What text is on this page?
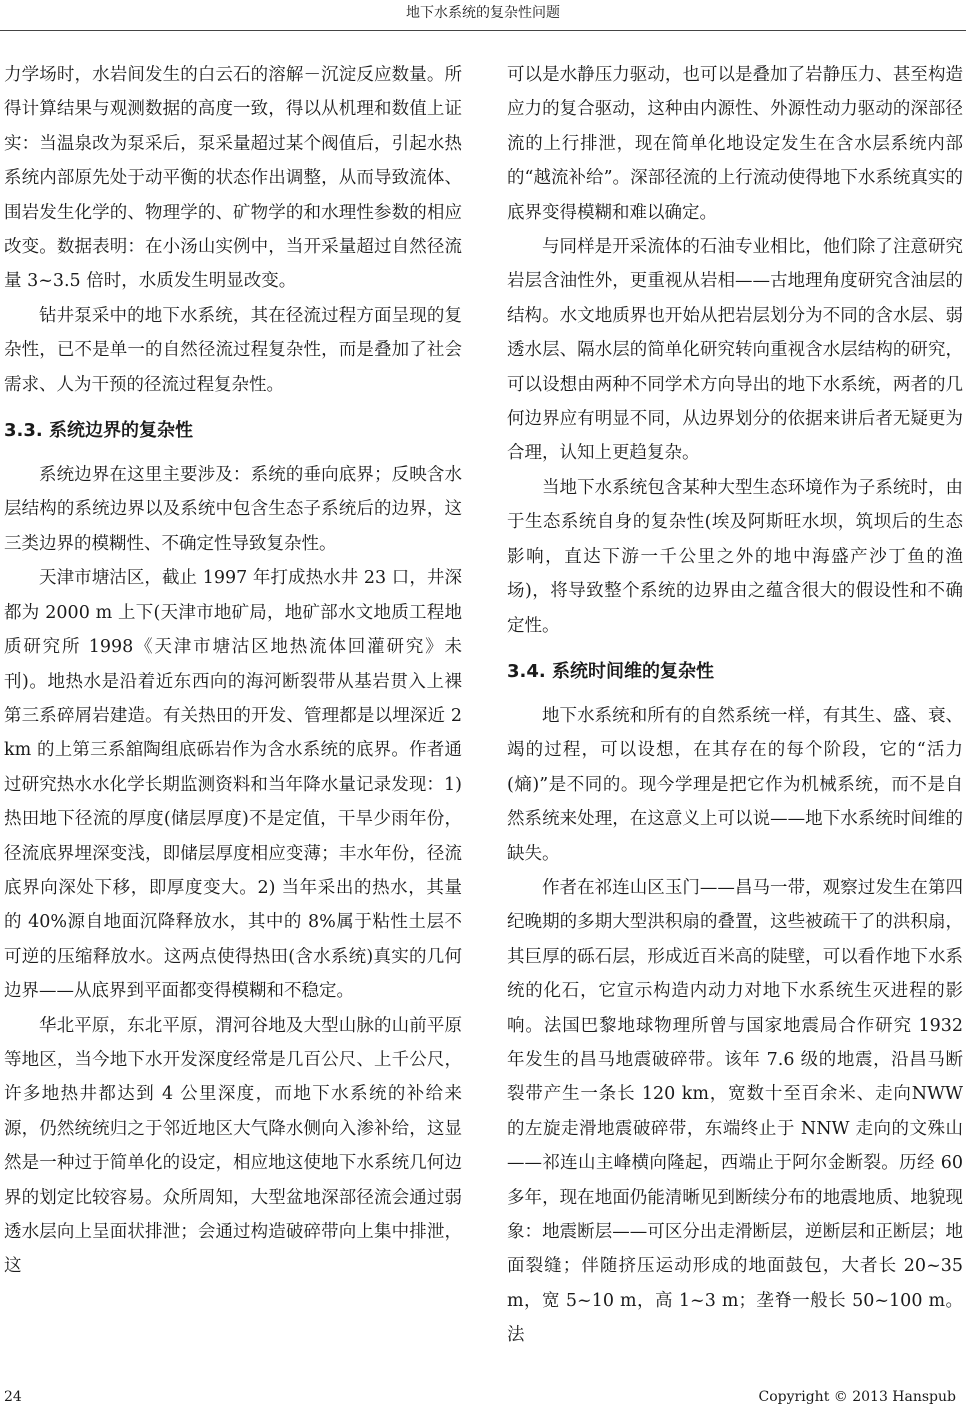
地下水系统的复杂性问题

力学场时，水岩间发生的白云石的溶解－沉淀反应数量。所得计算结果与观测数据的高度一致，得以从机理和数值上证实：当温泉改为泵采后，泵采量超过某个阀值后，引起水热系统内部原先处于动平衡的状态作出调整，从而导致流体、围岩发生化学的、物理学的、矿物学的和水理性参数的相应改变。数据表明：在小汤山实例中，当开采量超过自然径流量 3~3.5 倍时，水质发生明显改变。

钻井泵采中的地下水系统，其在径流过程方面呈现的复杂性，已不是单一的自然径流过程复杂性，而是叠加了社会需求、人为干预的径流过程复杂性。

3.3. 系统边界的复杂性

系统边界在这里主要涉及：系统的垂向底界；反映含水层结构的系统边界以及系统中包含生态子系统后的边界，这三类边界的模糊性、不确定性导致复杂性。

天津市塘沽区，截止 1997 年打成热水井 23 口，井深都为 2000 m 上下(天津市地矿局，地矿部水文地质工程地质研究所 1998《天津市塘沽区地热流体回灌研究》未刊)。地热水是沿着近东西向的海河断裂带从基岩贯入上裸第三系碎屑岩建造。有关热田的开发、管理都是以埋深近 2 km 的上第三系舘陶组底砾岩作为含水系统的底界。作者通过研究热水水化学长期监测资料和当年降水量记录发现：1) 热田地下径流的厚度(储层厚度)不是定值，干旱少雨年份，径流底界埋深变浅，即储层厚度相应变薄；丰水年份，径流底界向深处下移，即厚度变大。2) 当年采出的热水，其量的 40%源自地面沉降释放水，其中的 8%属于粘性土层不可逆的压缩释放水。这两点使得热田(含水系统)真实的几何边界——从底界到平面都变得模糊和不稳定。

华北平原，东北平原，渭河谷地及大型山脉的山前平原等地区，当今地下水开发深度经常是几百公尺、上千公尺，许多地热井都达到 4 公里深度，而地下水系统的补给来源，仍然统统归之于邻近地区大气降水侧向入渗补给，这显然是一种过于简单化的设定，相应地这使地下水系统几何边界的划定比较容易。众所周知，大型盆地深部径流会通过弱透水层向上呈面状排泄；会通过构造破碎带向上集中排泄，这

可以是水静压力驱动，也可以是叠加了岩静压力、甚至构造应力的复合驱动，这种由内源性、外源性动力驱动的深部径流的上行排泄，现在简单化地设定发生在含水层系统内部的“越流补给”。深部径流的上行流动使得地下水系统真实的底界变得模糊和难以确定。

与同样是开采流体的石油专业相比，他们除了注意研究岩层含油性外，更重视从岩相——古地理角度研究含油层的结构。水文地质界也开始从把岩层划分为不同的含水层、弱透水层、隔水层的简单化研究转向重视含水层结构的研究，可以设想由两种不同学术方向导出的地下水系统，两者的几何边界应有明显不同，从边界划分的依据来讲后者无疑更为合理，认知上更趋复杂。

当地下水系统包含某种大型生态环境作为子系统时，由于生态系统自身的复杂性(埃及阿斯旺水坝，筑坝后的生态影响，直达下游一千公里之外的地中海盛产沙丁鱼的渔场)，将导致整个系统的边界由之蕴含很大的假设性和不确定性。

3.4. 系统时间维的复杂性

地下水系统和所有的自然系统一样，有其生、盛、衰、竭的过程，可以设想，在其存在的每个阶段，它的“活力(熵)”是不同的。现今学理是把它作为机械系统，而不是自然系统来处理，在这意义上可以说——地下水系统时间维的缺失。

作者在祁连山区玉门——昌马一带，观察过发生在第四纪晚期的多期大型洪积扇的叠置，这些被疏干了的洪积扇，其巨厚的砾石层，形成近百米高的陡壁，可以看作地下水系统的化石，它宣示构造内动力对地下水系统生灭进程的影响。法国巴黎地球物理所曾与国家地震局合作研究 1932 年发生的昌马地震破碎带。该年 7.6 级的地震，沿昌马断裂带产生一条长 120 km，宽数十至百余米、走向NWW 的左旋走滑地震破碎带，东端终止于 NNW 走向的文殊山——祁连山主峰横向隆起，西端止于阿尔金断裂。历经 60 多年，现在地面仍能清晰见到断续分布的地震地质、地貌现象：地震断层——可区分出走滑断层，逆断层和正断层；地面裂缝；伴随挤压运动形成的地面鼓包，大者长 20~35 m，宽 5~10 m，高 1~3 m；垄脊一般长 50~100 m。法

24	Copyright © 2013 Hanspub
